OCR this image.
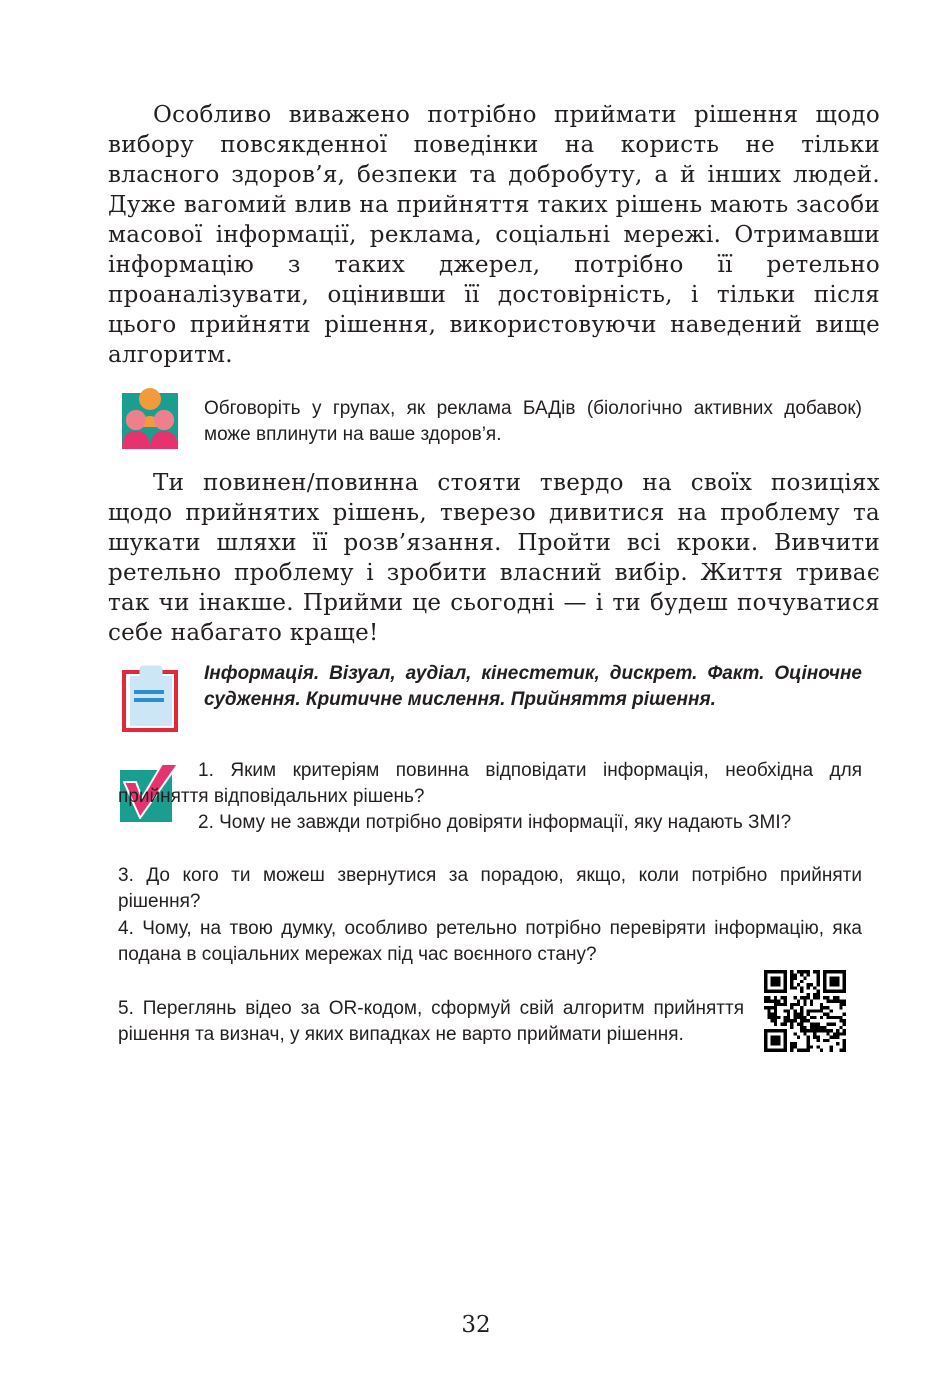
Особливо виважено потрібно приймати рішення щодо вибору повсякденної поведінки на користь не тільки власного здоров’я, безпеки та добробуту, а й інших людей. Дуже вагомий влив на прийняття таких рішень мають засоби масової інформації, реклама, соціальні мережі. Отримавши інформацію з таких джерел, потрібно її ретельно проаналізувати, оцінивши її достовірність, і тільки після цього прийняти рішення, використовуючи наведений вище алгоритм.

Обговоріть у групах, як реклама БАДів (біологічно активних добавок) може вплинути на ваше здоров’я.

Ти повинен/повинна стояти твердо на своїх позиціях щодо прийнятих рішень, тверезо дивитися на проблему та шукати шляхи її розв’язання. Пройти всі кроки. Вивчити ретельно проблему і зробити власний вибір. Життя триває так чи інакше. Прийми це сьогодні — і ти будеш почуватися себе набагато краще!

Інформація. Візуал, аудіал, кінестетик, дискрет. Факт. Оціночне судження. Критичне мислення. Прийняття рішення.

1. Яким критеріям повинна відповідати інформація, необхідна для прийняття відповідальних рішень?

2. Чому не завжди потрібно довіряти інформації, яку надають ЗМІ?

3. До кого ти можеш звернутися за порадою, якщо, коли потрібно прийняти рішення?

4. Чому, на твою думку, особливо ретельно потрібно перевіряти інформацію, яка подана в соціальних мережах під час воєнного стану?

5. Переглянь відео за OR-кодом, сформуй свій алгоритм прийняття рішення та визнач, у яких випадках не варто приймати рішення.

32
